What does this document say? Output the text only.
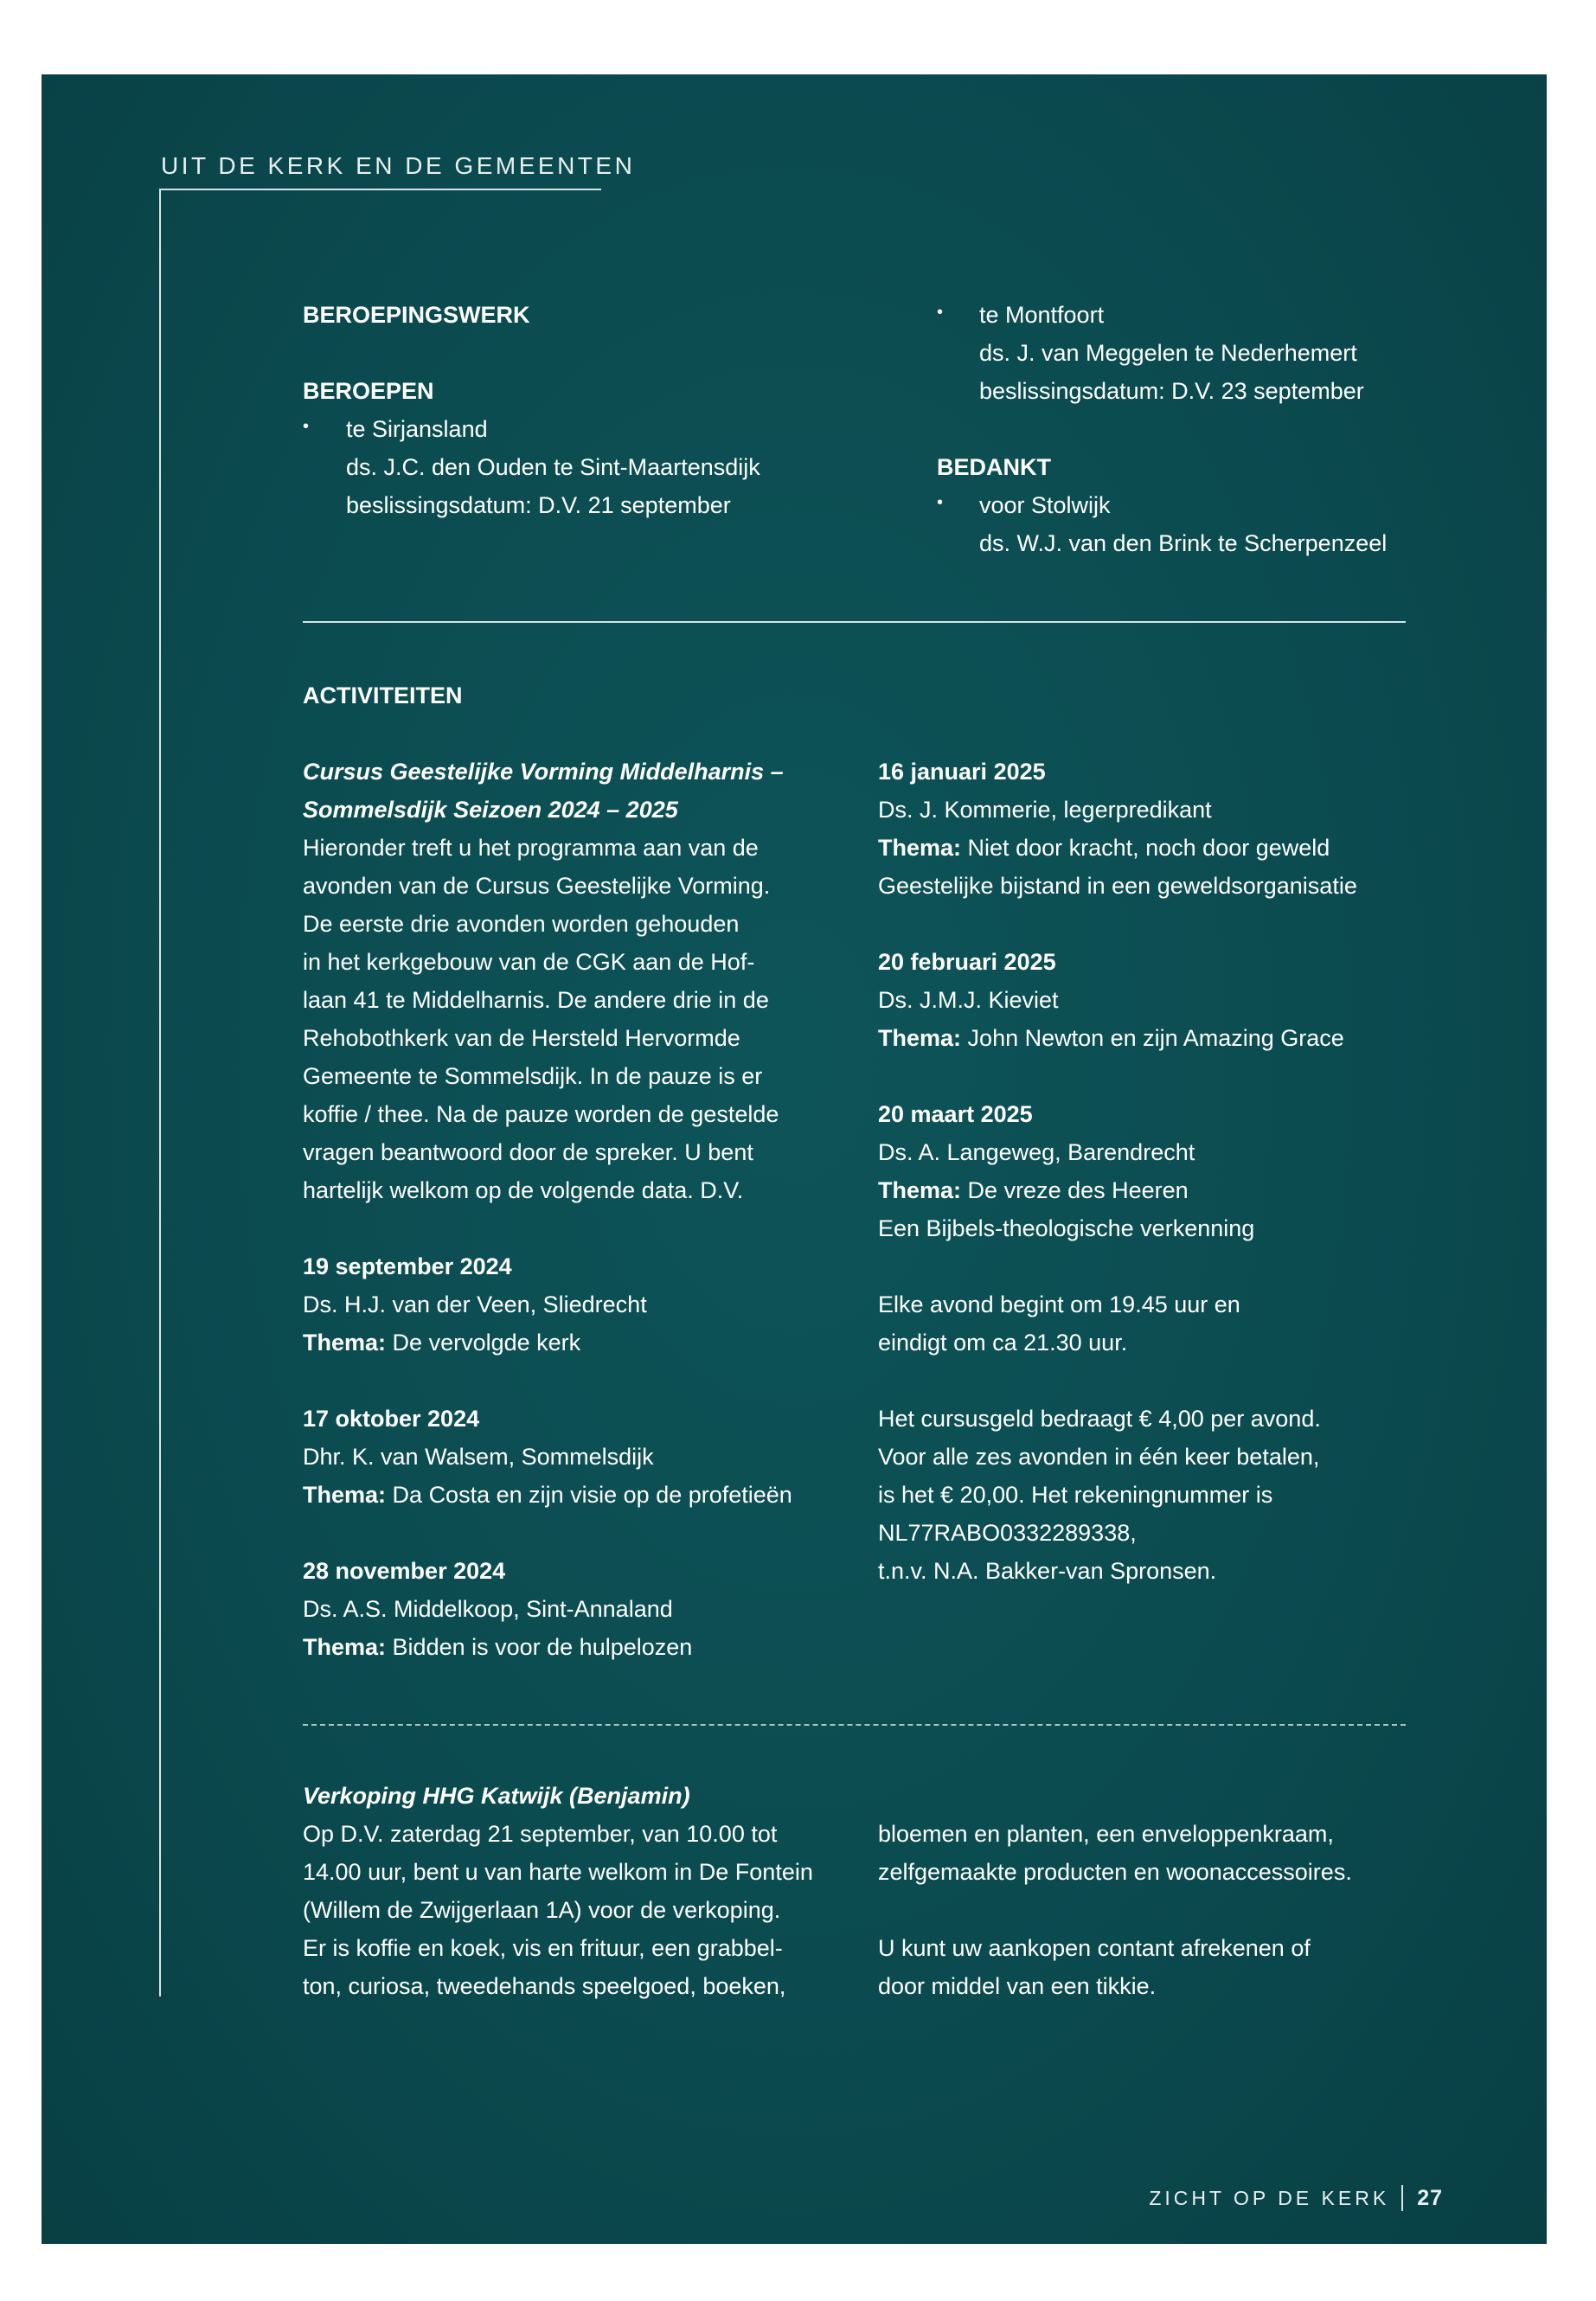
UIT DE KERK EN DE GEMEENTEN
BEROEPINGSWERK
BEROEPEN
• te Sirjansland
ds. J.C. den Ouden te Sint-Maartensdijk
beslissingsdatum: D.V. 21 september
• te Montfoort
ds. J. van Meggelen te Nederhemert
beslissingsdatum: D.V. 23 september
BEDANKT
• voor Stolwijk
ds. W.J. van den Brink te Scherpenzeel
ACTIVITEITEN
Cursus Geestelijke Vorming Middelharnis –
Sommelsdijk Seizoen 2024 – 2025
Hieronder treft u het programma aan van de
avonden van de Cursus Geestelijke Vorming.
De eerste drie avonden worden gehouden
in het kerkgebouw van de CGK aan de Hof-
laan 41 te Middelharnis. De andere drie in de
Rehobothkerk van de Hersteld Hervormde
Gemeente te Sommelsdijk. In de pauze is er
koffie / thee. Na de pauze worden de gestelde
vragen beantwoord door de spreker. U bent
hartelijk welkom op de volgende data. D.V.
19 september 2024
Ds. H.J. van der Veen, Sliedrecht
Thema: De vervolgde kerk
17 oktober 2024
Dhr. K. van Walsem, Sommelsdijk
Thema: Da Costa en zijn visie op de profetieën
28 november 2024
Ds. A.S. Middelkoop, Sint-Annaland
Thema: Bidden is voor de hulpelozen
16 januari 2025
Ds. J. Kommerie, legerpredikant
Thema: Niet door kracht, noch door geweld
Geestelijke bijstand in een geweldsorganisatie
20 februari 2025
Ds. J.M.J. Kieviet
Thema: John Newton en zijn Amazing Grace
20 maart 2025
Ds. A. Langeweg, Barendrecht
Thema: De vreze des Heeren
Een Bijbels-theologische verkenning
Elke avond begint om 19.45 uur en
eindigt om ca 21.30 uur.
Het cursusgeld bedraagt € 4,00 per avond.
Voor alle zes avonden in één keer betalen,
is het € 20,00. Het rekeningnummer is
NL77RABO0332289338,
t.n.v. N.A. Bakker-van Spronsen.
Verkoping HHG Katwijk (Benjamin)
Op D.V. zaterdag 21 september, van 10.00 tot
14.00 uur, bent u van harte welkom in De Fontein
(Willem de Zwijgerlaan 1A) voor de verkoping.
Er is koffie en koek, vis en frituur, een grabbel-
ton, curiosa, tweedehands speelgoed, boeken,
bloemen en planten, een enveloppenkraam,
zelfgemaakte producten en woonaccessoires.
U kunt uw aankopen contant afrekenen of
door middel van een tikkie.
ZICHT OP DE KERK 27
